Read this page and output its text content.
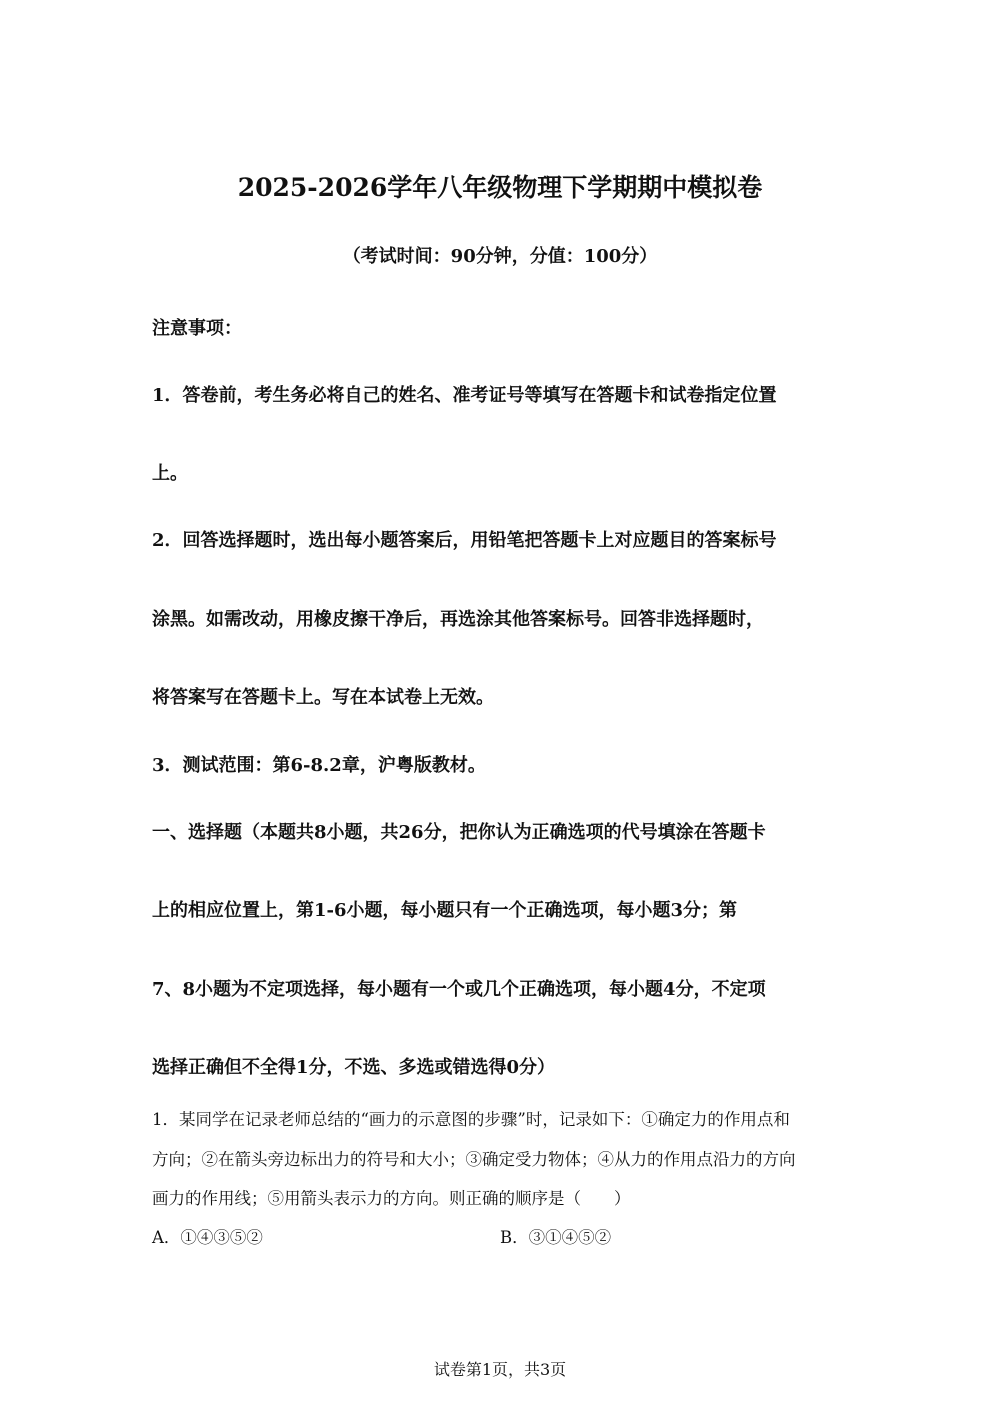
2025-2026学年八年级物理下学期期中模拟卷
（考试时间：90分钟，分值：100分）
注意事项：
1．答卷前，考生务必将自己的姓名、准考证号等填写在答题卡和试卷指定位置
上。
2．回答选择题时，选出每小题答案后，用铅笔把答题卡上对应题目的答案标号
涂黑。如需改动，用橡皮擦干净后，再选涂其他答案标号。回答非选择题时，
将答案写在答题卡上。写在本试卷上无效。
3．测试范围：第6-8.2章，沪粤版教材。
一、选择题（本题共8小题，共26分，把你认为正确选项的代号填涂在答题卡
上的相应位置上，第1-6小题，每小题只有一个正确选项，每小题3分；第
7、8小题为不定项选择，每小题有一个或几个正确选项，每小题4分，不定项
选择正确但不全得1分，不选、多选或错选得0分）
1．某同学在记录老师总结的“画力的示意图的步骤”时，记录如下：①确定力的作用点和
方向；②在箭头旁边标出力的符号和大小；③确定受力物体；④从力的作用点沿力的方向
画力的作用线；⑤用箭头表示力的方向。则正确的顺序是（　　）
A．①④③⑤②	B．③①④⑤②
试卷第1页，共3页
